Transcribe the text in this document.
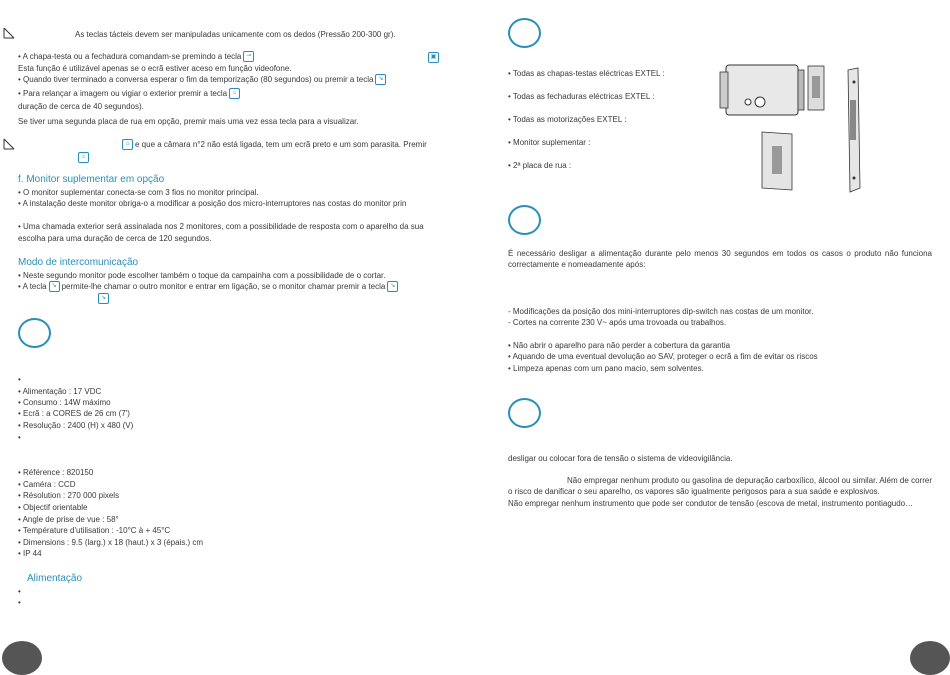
As teclas tácteis devem ser manipuladas unicamente com os dedos (Pressão 200-300 gr).
• A chapa-testa ou a fechadura comandam-se premindo a tecla ⊸	▣
Esta função é utilizável apenas se o ecrã estiver aceso em função videofone.
• Quando tiver terminado a conversa esperar o fim da temporização (80 segundos) ou premir a tecla ↘
• Para relançar a imagem ou vigiar o exterior premir a tecla ⌂
duração de cerca de 40 segundos).
Se tiver uma segunda placa de rua em opção, premir mais uma vez essa tecla para a visualizar.
⌂ e que a câmara n°2 não está ligada, tem um ecrã preto e um som parasita. Premir
⌂
f. Monitor suplementar em opção
• O monitor suplementar conecta-se com 3 fios no monitor principal.
• A instalação deste monitor obriga-o a modificar a posição dos micro-interruptores nas costas do monitor prin
• Uma chamada exterior será assinalada nos 2 monitores, com a possibilidade de resposta com o aparelho da sua
escolha para uma duração de cerca de 120 segundos.
Modo de intercomunicação
• Neste segundo monitor pode escolher também o toque da campainha com a possibilidade de o cortar.
• A tecla ↘ permite-lhe chamar o outro monitor e entrar em ligação, se o monitor chamar premir a tecla ↘
↘
•
• Alimentação : 17 VDC
• Consumo : 14W máximo
• Ecrã : a CORES de 26 cm (7')
• Resolução : 2400 (H) x 480 (V)
•
• Référence : 820150
• Caméra : CCD
• Résolution : 270 000 pixels
• Objectif orientable
• Angle de prise de vue : 58°
• Température d'utilisation : -10°C à + 45°C
• Dimensions : 9.5 (larg.) x 18 (haut.) x 3 (épais.) cm
• IP 44
Alimentação
•
•
• Todas as chapas-testas eléctricas EXTEL :
• Todas as fechaduras eléctricas EXTEL :
• Todas as motorizações EXTEL :
• Monitor suplementar :
• 2ª placa de rua :
É necessário desligar a alimentação durante pelo menos 30 segundos em todos os casos o produto não funciona correctamente e nomeadamente após:
- Modificações da posição dos mini-interruptores dip-switch nas costas de um monitor.
- Cortes na corrente 230 V~ após uma trovoada ou trabalhos.
• Não abrir o aparelho para não perder a cobertura da garantia
• Aquando de uma eventual devolução ao SAV, proteger o ecrã a fim de evitar os riscos
• Limpeza apenas com um pano macio, sem solventes.
desligar ou colocar fora de tensão o sistema de videovigilância.
Não empregar nenhum produto ou gasolina de depuração carboxílico, álcool ou similar. Além de correr o risco de danificar o seu aparelho, os vapores são igualmente perigosos para a sua saúde e explosivos.
Não empregar nenhum instrumento que pode ser condutor de tensão (escova de metal, instrumento pontiagudo…
